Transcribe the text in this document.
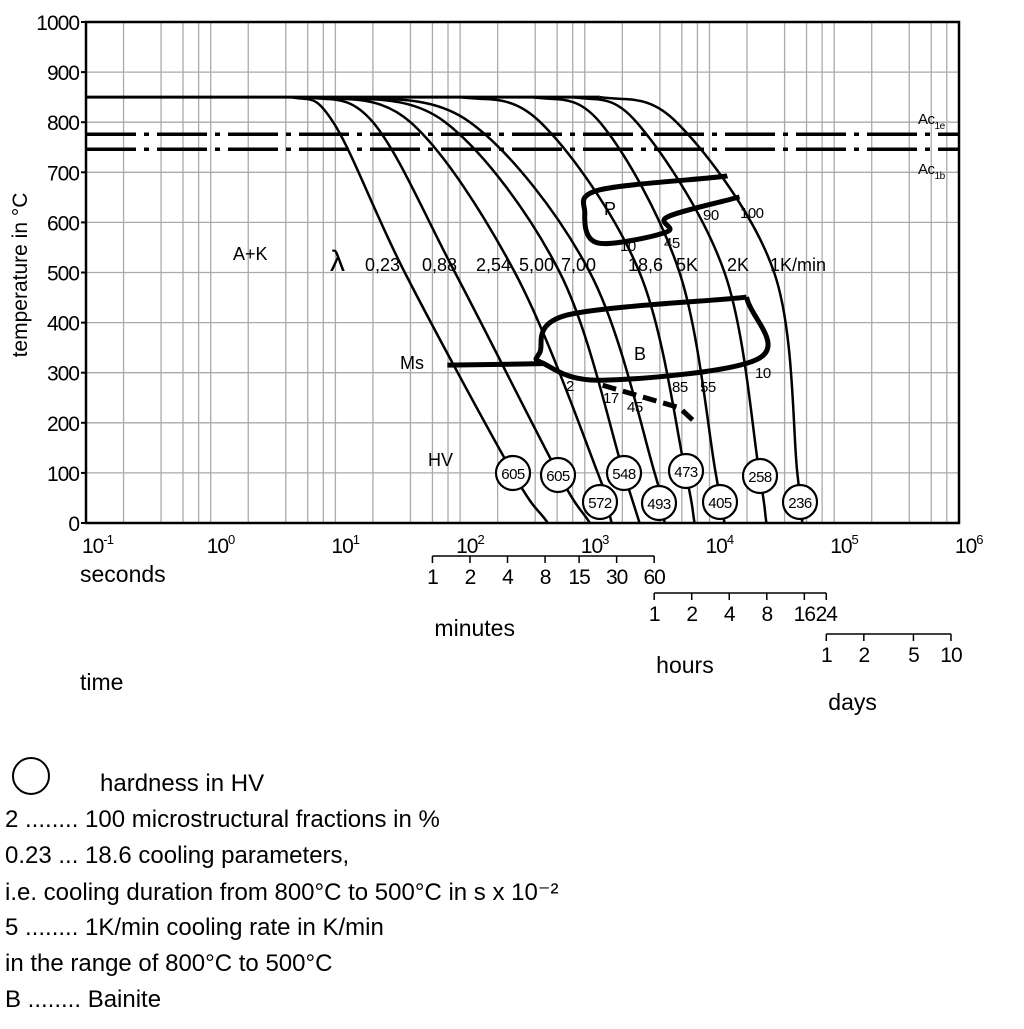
0
100
200
300
400
500
600
700
800
900
1000
temperature in °C
$10^{-1}$	$10^0$	$10^1$	$10^2$	$10^3$	$10^4$	$10^5$	$10^6$
seconds
time
1 2 4 8 15 30 60
minutes
1 2 4 8 16 24
hours	1 2 5 10
days
$Ac_{1e}$
$Ac_{1b}$
λ 0,23 0,88 2,54 5,00 7,00 18,6 5K 2K 1K/min
A+K
HV
Ms
P
B
10 45
90 100
2
17
45
85 55
10
605 605
572
548
493
473
405
258
236
hardness in HV
2 ........ 100 microstructural fractions in %
0.23 ... 18.6 cooling parameters,
i.e. cooling duration from 800°C to 500°C in s x 10⁻²
5 ........ 1K/min cooling rate in K/min
in the range of 800°C to 500°C
B ........ Bainite
